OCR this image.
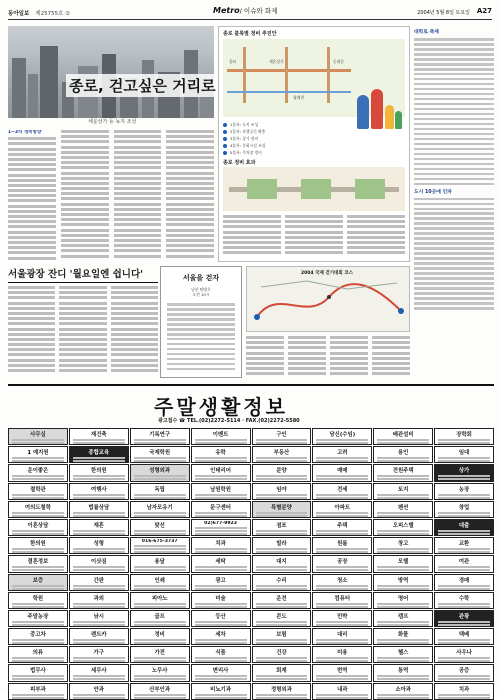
동아일보 제25755호 ②	Metro/ 이슈와 화제	2004년 5월 8일 토요일 A27
종로, 걷고싶은 거리로
세운상가 등 녹지 조성
1~3차 정비방향
종로 블록별 정비 추진안
종묘	세운상가
청계천
동대문
1블록: 녹지 조성
2블록: 보행공간 확충
3블록: 상가 정비
4블록: 문화시설 조성
5블록: 주차장 정비
종로 정비 효과
대학로 축제
도시 10곳에 인파
서울광장 잔디 '월요일엔 쉽니다'	서울을 걷자
남산 탐방로
오전 10시
2004 국제 걷기대회 코스
주말생활정보
광고접수 ☎ TEL.(02)2272-5114 · FAX.(02)2272-5580
사무실	재건축	기록연구	이벤트	구인	당신(수임)	배관설비	장학회
1 예지원	종합교육	국제학원	유학	부동산	고려	용인	임대
운이좋은	한의원	성형외과	인테리어	분양	매매	전원주택	상가
철학관	여행사	독립	남원학원	임야	전세	토지	농장
여의도철학	법률상담	남자모유기	문구센터	특별분양	아파트	펜션	창업
이혼상담	재혼	맞선	02)677-9923	점포	주택	오피스텔	대출
한의원	성형	016-675-3737	치과	빌라	원룸	창고	교환
결혼정보	이삿짐	용달	세탁	대지	공장	모텔	여관
보증	간판	인쇄	광고	수리	청소	방역	경매
학원	과외	피아노	미술	운전	컴퓨터	영어	수학
주말농장	낚시	골프	등산	콘도	민박	캠프	관광
중고차	렌트카	정비	세차	보험	대리	화물	택배
의류	가구	가전	식품	건강	미용	헬스	사우나
법무사	세무사	노무사	변리사	회계	번역	통역	공증
피부과	안과	산부인과	비뇨기과	정형외과	내과	소아과	치과
